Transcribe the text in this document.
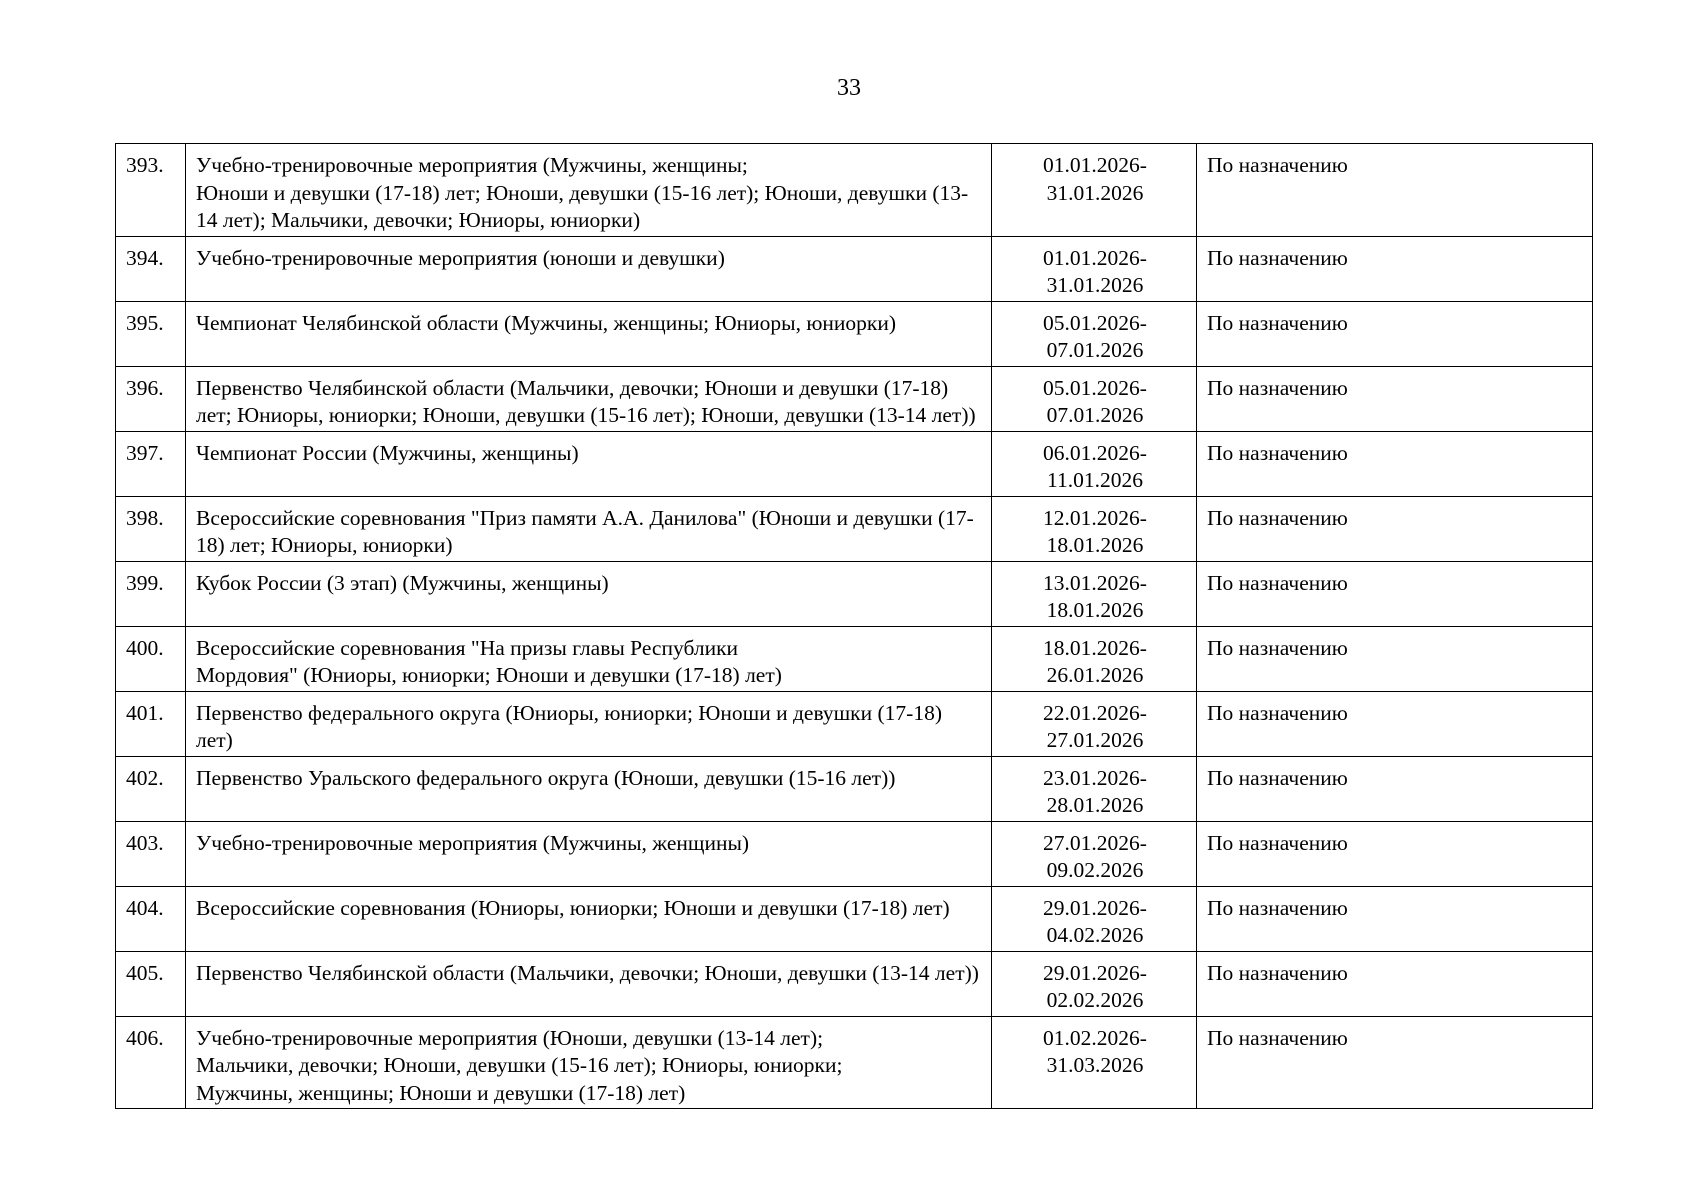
33
393.	Учебно-тренировочные мероприятия (Мужчины, женщины;
Юноши и девушки (17-18) лет; Юноши, девушки (15-16 лет); Юноши, девушки (13-14 лет); Мальчики, девочки; Юниоры, юниорки)	01.01.2026-
31.01.2026	По назначению
394.	Учебно-тренировочные мероприятия (юноши и девушки)	01.01.2026-
31.01.2026	По назначению
395.	Чемпионат Челябинской области (Мужчины, женщины; Юниоры, юниорки)	05.01.2026-
07.01.2026	По назначению
396.	Первенство Челябинской области (Мальчики, девочки; Юноши и девушки (17-18) лет; Юниоры, юниорки; Юноши, девушки (15-16 лет); Юноши, девушки (13-14 лет))	05.01.2026-
07.01.2026	По назначению
397.	Чемпионат России (Мужчины, женщины)	06.01.2026-
11.01.2026	По назначению
398.	Всероссийские соревнования "Приз памяти А.А. Данилова" (Юноши и девушки (17-18) лет; Юниоры, юниорки)	12.01.2026-
18.01.2026	По назначению
399.	Кубок России (3 этап) (Мужчины, женщины)	13.01.2026-
18.01.2026	По назначению
400.	Всероссийские соревнования "На призы главы Республики
Мордовия" (Юниоры, юниорки; Юноши и девушки (17-18) лет)	18.01.2026-
26.01.2026	По назначению
401.	Первенство федерального округа (Юниоры, юниорки; Юноши и девушки (17-18) лет)	22.01.2026-
27.01.2026	По назначению
402.	Первенство Уральского федерального округа (Юноши, девушки (15-16 лет))	23.01.2026-
28.01.2026	По назначению
403.	Учебно-тренировочные мероприятия (Мужчины, женщины)	27.01.2026-
09.02.2026	По назначению
404.	Всероссийские соревнования (Юниоры, юниорки; Юноши и девушки (17-18) лет)	29.01.2026-
04.02.2026	По назначению
405.	Первенство Челябинской области (Мальчики, девочки; Юноши, девушки (13-14 лет))	29.01.2026-
02.02.2026	По назначению
406.	Учебно-тренировочные мероприятия (Юноши, девушки (13-14 лет);
Мальчики, девочки; Юноши, девушки (15-16 лет); Юниоры, юниорки;
Мужчины, женщины; Юноши и девушки (17-18) лет)	01.02.2026-
31.03.2026	По назначению
